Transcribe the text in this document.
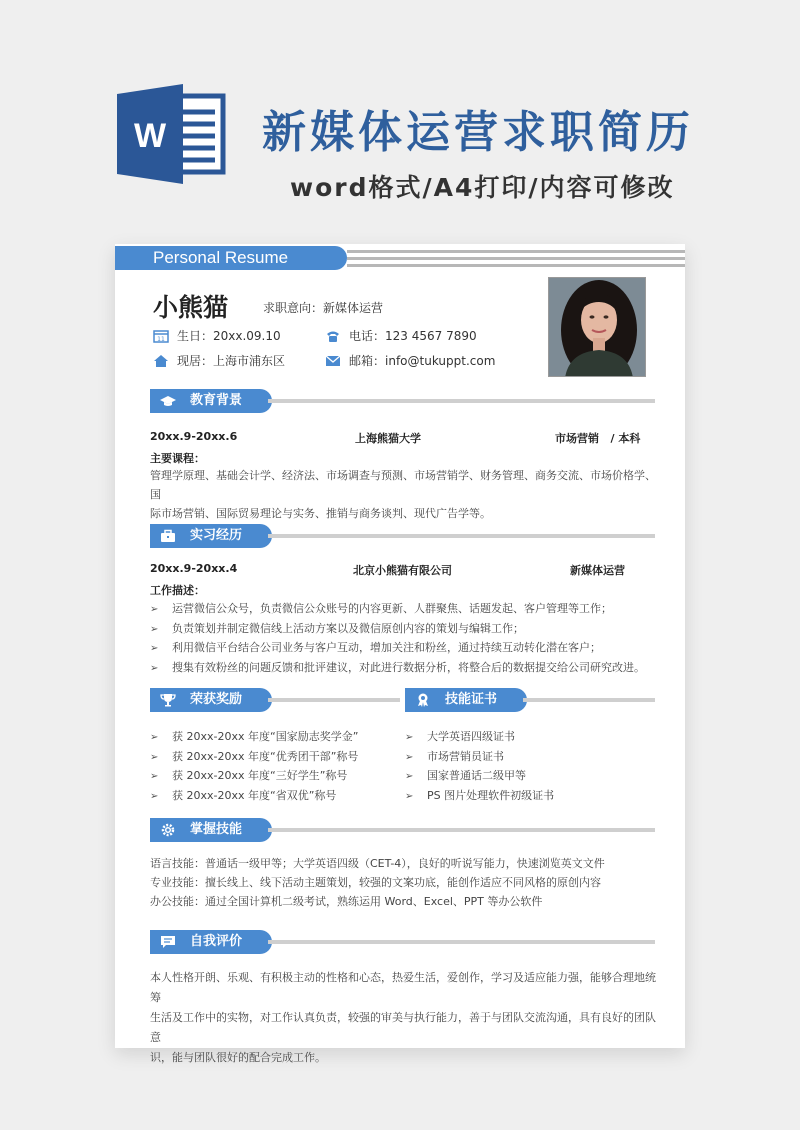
W 新媒体运营求职简历
word格式/A4打印/内容可修改
Personal Resume
小熊猫	求职意向：新媒体运营
11 生日：20xx.09.10	电话：123 4567 7890
现居：上海市浦东区	邮箱：info@tukuppt.com
教育背景
20xx.9-20xx.6	上海熊猫大学	市场营销 / 本科
主要课程：
管理学原理、基础会计学、经济法、市场调查与预测、市场营销学、财务管理、商务交流、市场价格学、国
际市场营销、国际贸易理论与实务、推销与商务谈判、现代广告学等。
实习经历
20xx.9-20xx.4	北京小熊猫有限公司	新媒体运营
工作描述：
➢ 运营微信公众号，负责微信公众账号的内容更新、人群聚焦、话题发起、客户管理等工作；
➢ 负责策划并制定微信线上活动方案以及微信原创内容的策划与编辑工作；
➢ 利用微信平台结合公司业务与客户互动，增加关注和粉丝，通过持续互动转化潜在客户；
➢ 搜集有效粉丝的问题反馈和批评建议，对此进行数据分析，将整合后的数据提交给公司研究改进。
荣获奖励
➢ 获 20xx-20xx 年度“国家励志奖学金”
➢ 获 20xx-20xx 年度“优秀团干部”称号
➢ 获 20xx-20xx 年度“三好学生”称号
➢ 获 20xx-20xx 年度“省双优”称号
技能证书
➢ 大学英语四级证书
➢ 市场营销员证书
➢ 国家普通话二级甲等
➢ PS 图片处理软件初级证书
掌握技能
语言技能：普通话一级甲等；大学英语四级（CET-4），良好的听说写能力，快速浏览英文文件
专业技能：擅长线上、线下活动主题策划，较强的文案功底，能创作适应不同风格的原创内容
办公技能：通过全国计算机二级考试，熟练运用 Word、Excel、PPT 等办公软件
自我评价
本人性格开朗、乐观、有积极主动的性格和心态，热爱生活，爱创作，学习及适应能力强，能够合理地统筹
生活及工作中的实物，对工作认真负责，较强的审美与执行能力，善于与团队交流沟通，具有良好的团队意
识，能与团队很好的配合完成工作。
